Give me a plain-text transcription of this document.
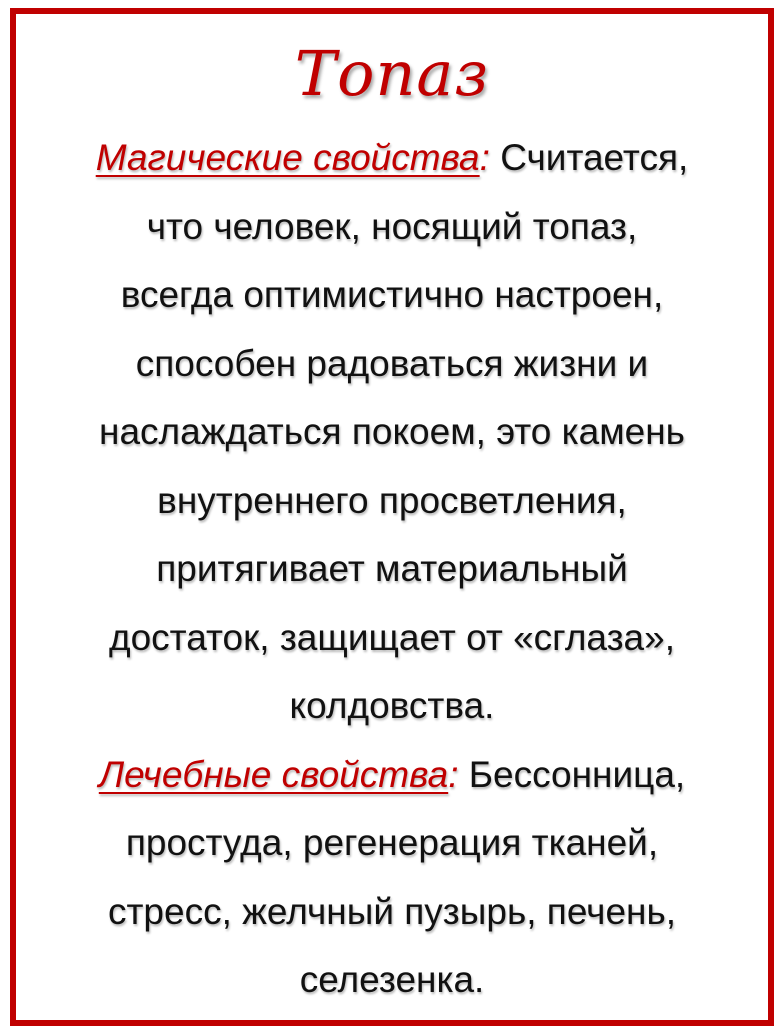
Топаз
Магические свойства: Считается,
что человек, носящий топаз,
всегда оптимистично настроен,
способен радоваться жизни и
наслаждаться покоем, это камень
внутреннего просветления,
притягивает материальный
достаток, защищает от «сглаза»,
колдовства.
Лечебные свойства: Бессонница,
простуда, регенерация тканей,
стресс, желчный пузырь, печень,
селезенка.
